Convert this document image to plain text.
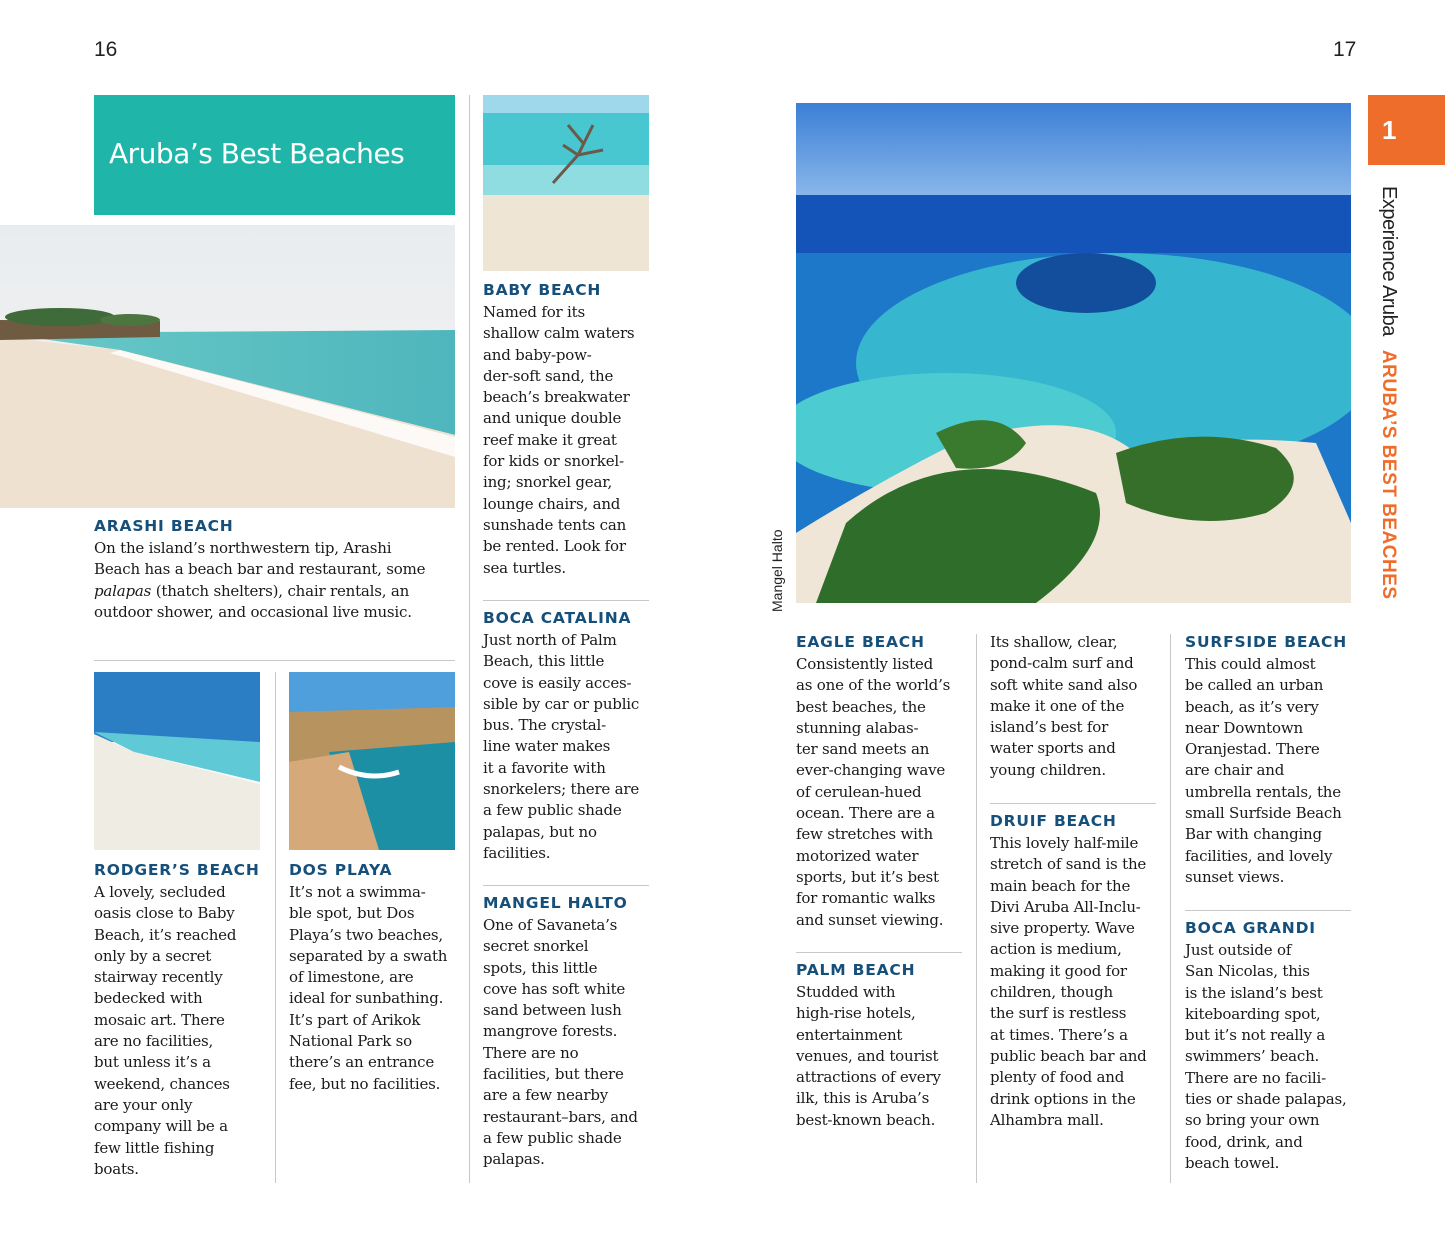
16	17
Aruba’s Best Beaches
Mangel Halto
1
Experience ArubaARUBA’S BEST BEACHES
ARASHI BEACH

On the island’s northwestern tip, Arashi
Beach has a beach bar and restaurant, some
palapas (thatch shelters), chair rentals, an
outdoor shower, and occasional live music.

RODGER’S BEACH

A lovely, secluded
oasis close to Baby
Beach, it’s reached
only by a secret
stairway recently
bedecked with
mosaic art. There
are no facilities,
but unless it’s a
weekend, chances
are your only
company will be a
few little fishing
boats.

DOS PLAYA

It’s not a swimma-
ble spot, but Dos
Playa’s two beaches,
separated by a swath
of limestone, are
ideal for sunbathing.
It’s part of Arikok
National Park so
there’s an entrance
fee, but no facilities.

BABY BEACH

Named for its
shallow calm waters
and baby-pow-
der-soft sand, the
beach’s breakwater
and unique double
reef make it great
for kids or snorkel-
ing; snorkel gear,
lounge chairs, and
sunshade tents can
be rented. Look for
sea turtles.

BOCA CATALINA

Just north of Palm
Beach, this little
cove is easily acces-
sible by car or public
bus. The crystal-
line water makes
it a favorite with
snorkelers; there are
a few public shade
palapas, but no
facilities.

MANGEL HALTO

One of Savaneta’s
secret snorkel
spots, this little
cove has soft white
sand between lush
mangrove forests.
There are no
facilities, but there
are a few nearby
restaurant–bars, and
a few public shade
palapas.

EAGLE BEACH

Consistently listed
as one of the world’s
best beaches, the
stunning alabas-
ter sand meets an
ever-changing wave
of cerulean-hued
ocean. There are a
few stretches with
motorized water
sports, but it’s best
for romantic walks
and sunset viewing.

Its shallow, clear,
pond-calm surf and
soft white sand also
make it one of the
island’s best for
water sports and
young children.

PALM BEACH

Studded with
high-rise hotels,
entertainment
venues, and tourist
attractions of every
ilk, this is Aruba’s
best-known beach.

DRUIF BEACH

This lovely half-mile
stretch of sand is the
main beach for the
Divi Aruba All-Inclu-
sive property. Wave
action is medium,
making it good for
children, though
the surf is restless
at times. There’s a
public beach bar and
plenty of food and
drink options in the
Alhambra mall.

SURFSIDE BEACH

This could almost
be called an urban
beach, as it’s very
near Downtown
Oranjestad. There
are chair and
umbrella rentals, the
small Surfside Beach
Bar with changing
facilities, and lovely
sunset views.

BOCA GRANDI

Just outside of
San Nicolas, this
is the island’s best
kiteboarding spot,
but it’s not really a
swimmers’ beach.
There are no facili-
ties or shade palapas,
so bring your own
food, drink, and
beach towel.
